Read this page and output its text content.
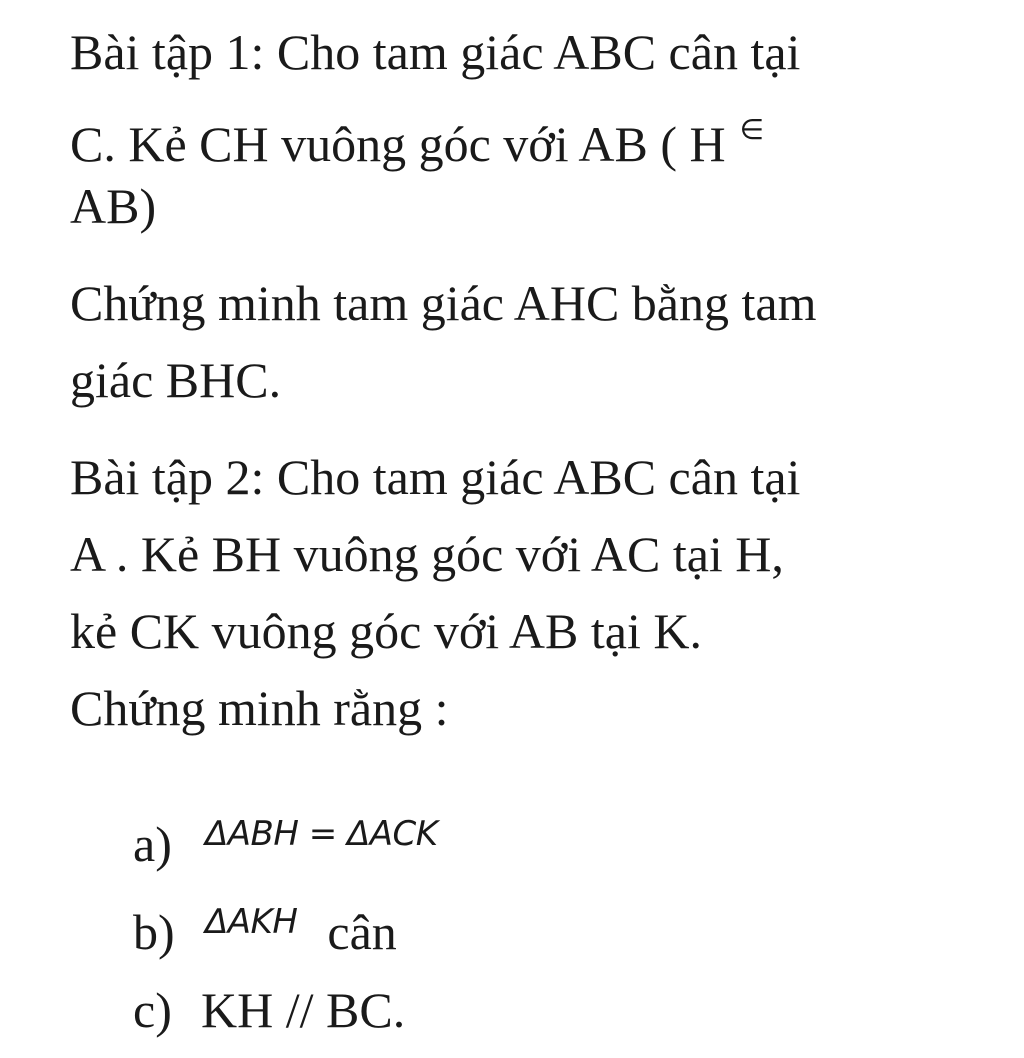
Bài tập 1: Cho tam giác ABC cân tại
C. Kẻ CH vuông góc với AB ( H ∈
AB)
Chứng minh tam giác AHC bằng tam
giác BHC.
Bài tập 2: Cho tam giác ABC cân tại
A . Kẻ BH vuông góc với AC tại H,
kẻ CK vuông góc với AB tại K.
Chứng minh rằng :
a) $^{\Delta ABH = \Delta ACK}$
b) $^{\Delta AKH}$ cân
c) KH // BC.
